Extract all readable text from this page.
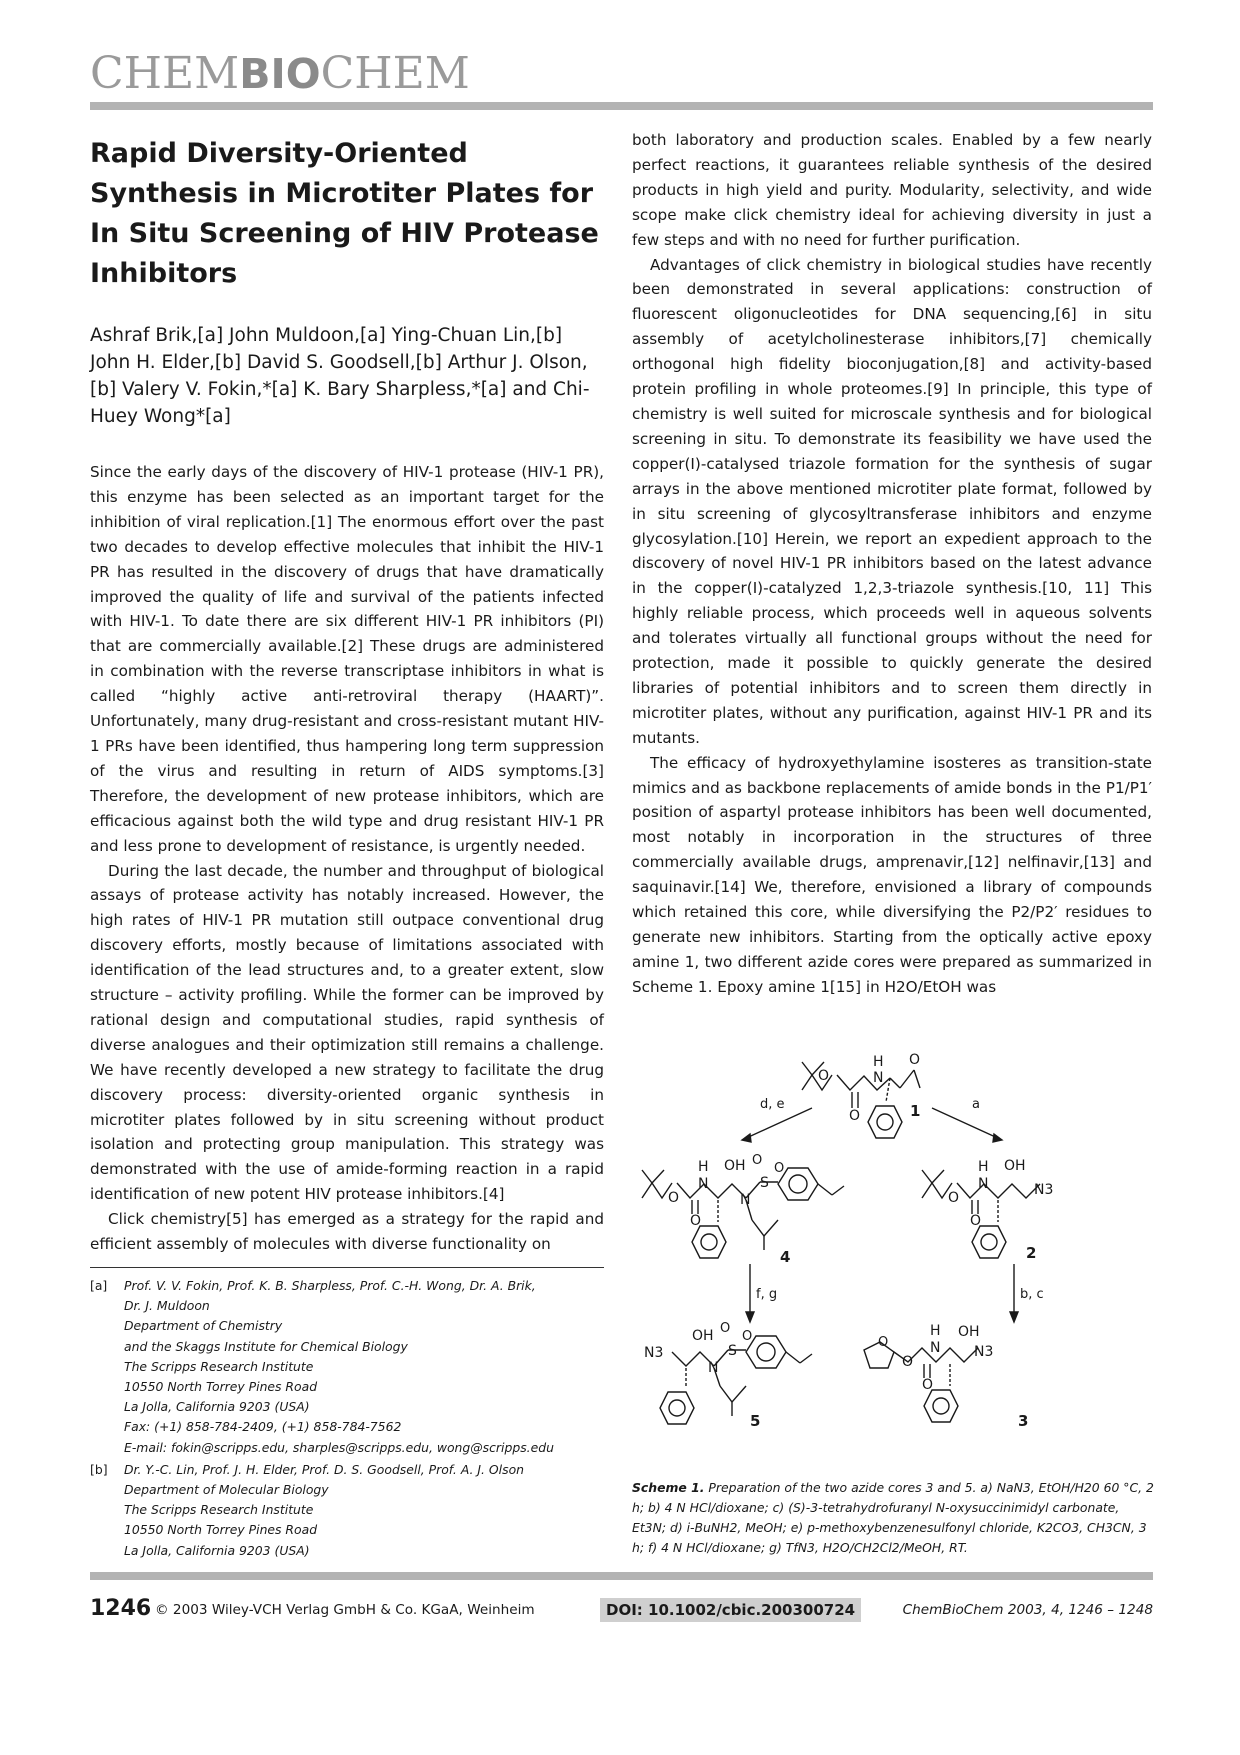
CHEMBIOCHEM
Rapid Diversity-Oriented Synthesis in Microtiter Plates for In Situ Screening of HIV Protease Inhibitors
Ashraf Brik,[a] John Muldoon,[a] Ying-Chuan Lin,[b] John H. Elder,[b] David S. Goodsell,[b] Arthur J. Olson,[b] Valery V. Fokin,*[a] K. Bary Sharpless,*[a] and Chi-Huey Wong*[a]

Since the early days of the discovery of HIV-1 protease (HIV-1 PR), this enzyme has been selected as an important target for the inhibition of viral replication.[1] The enormous effort over the past two decades to develop effective molecules that inhibit the HIV-1 PR has resulted in the discovery of drugs that have dramatically improved the quality of life and survival of the patients infected with HIV-1. To date there are six different HIV-1 PR inhibitors (PI) that are commercially available.[2] These drugs are administered in combination with the reverse transcriptase inhibitors in what is called “highly active anti-retroviral therapy (HAART)”. Unfortunately, many drug-resistant and cross-resistant mutant HIV-1 PRs have been identified, thus hampering long term suppression of the virus and resulting in return of AIDS symptoms.[3] Therefore, the development of new protease inhibitors, which are efficacious against both the wild type and drug resistant HIV-1 PR and less prone to development of resistance, is urgently needed.

During the last decade, the number and throughput of biological assays of protease activity has notably increased. However, the high rates of HIV-1 PR mutation still outpace conventional drug discovery efforts, mostly because of limitations associated with identification of the lead structures and, to a greater extent, slow structure – activity profiling. While the former can be improved by rational design and computational studies, rapid synthesis of diverse analogues and their optimization still remains a challenge. We have recently developed a new strategy to facilitate the drug discovery process: diversity-oriented organic synthesis in microtiter plates followed by in situ screening without product isolation and protecting group manipulation. This strategy was demonstrated with the use of amide-forming reaction in a rapid identification of new potent HIV protease inhibitors.[4]

Click chemistry[5] has emerged as a strategy for the rapid and efficient assembly of molecules with diverse functionality on

both laboratory and production scales. Enabled by a few nearly perfect reactions, it guarantees reliable synthesis of the desired products in high yield and purity. Modularity, selectivity, and wide scope make click chemistry ideal for achieving diversity in just a few steps and with no need for further purification.

Advantages of click chemistry in biological studies have recently been demonstrated in several applications: construction of fluorescent oligonucleotides for DNA sequencing,[6] in situ assembly of acetylcholinesterase inhibitors,[7] chemically orthogonal high fidelity bioconjugation,[8] and activity-based protein profiling in whole proteomes.[9] In principle, this type of chemistry is well suited for microscale synthesis and for biological screening in situ. To demonstrate its feasibility we have used the copper(I)-catalysed triazole formation for the synthesis of sugar arrays in the above mentioned microtiter plate format, followed by in situ screening of glycosyltransferase inhibitors and enzyme glycosylation.[10] Herein, we report an expedient approach to the discovery of novel HIV-1 PR inhibitors based on the latest advance in the copper(I)-catalyzed 1,2,3-triazole synthesis.[10, 11] This highly reliable process, which proceeds well in aqueous solvents and tolerates virtually all functional groups without the need for protection, made it possible to quickly generate the desired libraries of potential inhibitors and to screen them directly in microtiter plates, without any purification, against HIV-1 PR and its mutants.

The efficacy of hydroxyethylamine isosteres as transition-state mimics and as backbone replacements of amide bonds in the P1/P1′ position of aspartyl protease inhibitors has been well documented, most notably in incorporation in the structures of three commercially available drugs, amprenavir,[12] nelfinavir,[13] and saquinavir.[14] We, therefore, envisioned a library of compounds which retained this core, while diversifying the P2/P2′ residues to generate new inhibitors. Starting from the optically active epoxy amine 1, two different azide cores were prepared as summarized in Scheme 1. Epoxy amine 1[15] in H2O/EtOH was

[a]	Prof. V. V. Fokin, Prof. K. B. Sharpless, Prof. C.-H. Wong, Dr. A. Brik,
Dr. J. Muldoon
Department of Chemistry
and the Skaggs Institute for Chemical Biology
The Scripps Research Institute
10550 North Torrey Pines Road
La Jolla, California 9203 (USA)
Fax: (+1) 858-784-2409, (+1) 858-784-7562
E-mail: fokin@scripps.edu, sharples@scripps.edu, wong@scripps.edu
[b]	Dr. Y.-C. Lin, Prof. J. H. Elder, Prof. D. S. Goodsell, Prof. A. J. Olson
Department of Molecular Biology
The Scripps Research Institute
10550 North Torrey Pines Road
La Jolla, California 9203 (USA)
O
O
N
H O
1
d, e	a
O
O
N
H OH
N
S
O
O
4
O
O
N
H OH
N3
2
f, g	b, c
N3
OH
N
S
O
O
5
O
O
O
N
H OH
N3
3
Scheme 1. Preparation of the two azide cores 3 and 5. a) NaN3, EtOH/H20 60 °C, 2 h; b) 4 N HCl/dioxane; c) (S)-3-tetrahydrofuranyl N-oxysuccinimidyl carbonate, Et3N; d) i-BuNH2, MeOH; e) p-methoxybenzenesulfonyl chloride, K2CO3, CH3CN, 3 h; f) 4 N HCl/dioxane; g) TfN3, H2O/CH2Cl2/MeOH, RT.
1246 © 2003 Wiley-VCH Verlag GmbH & Co. KGaA, Weinheim	DOI: 10.1002/cbic.200300724	ChemBioChem 2003, 4, 1246 – 1248
